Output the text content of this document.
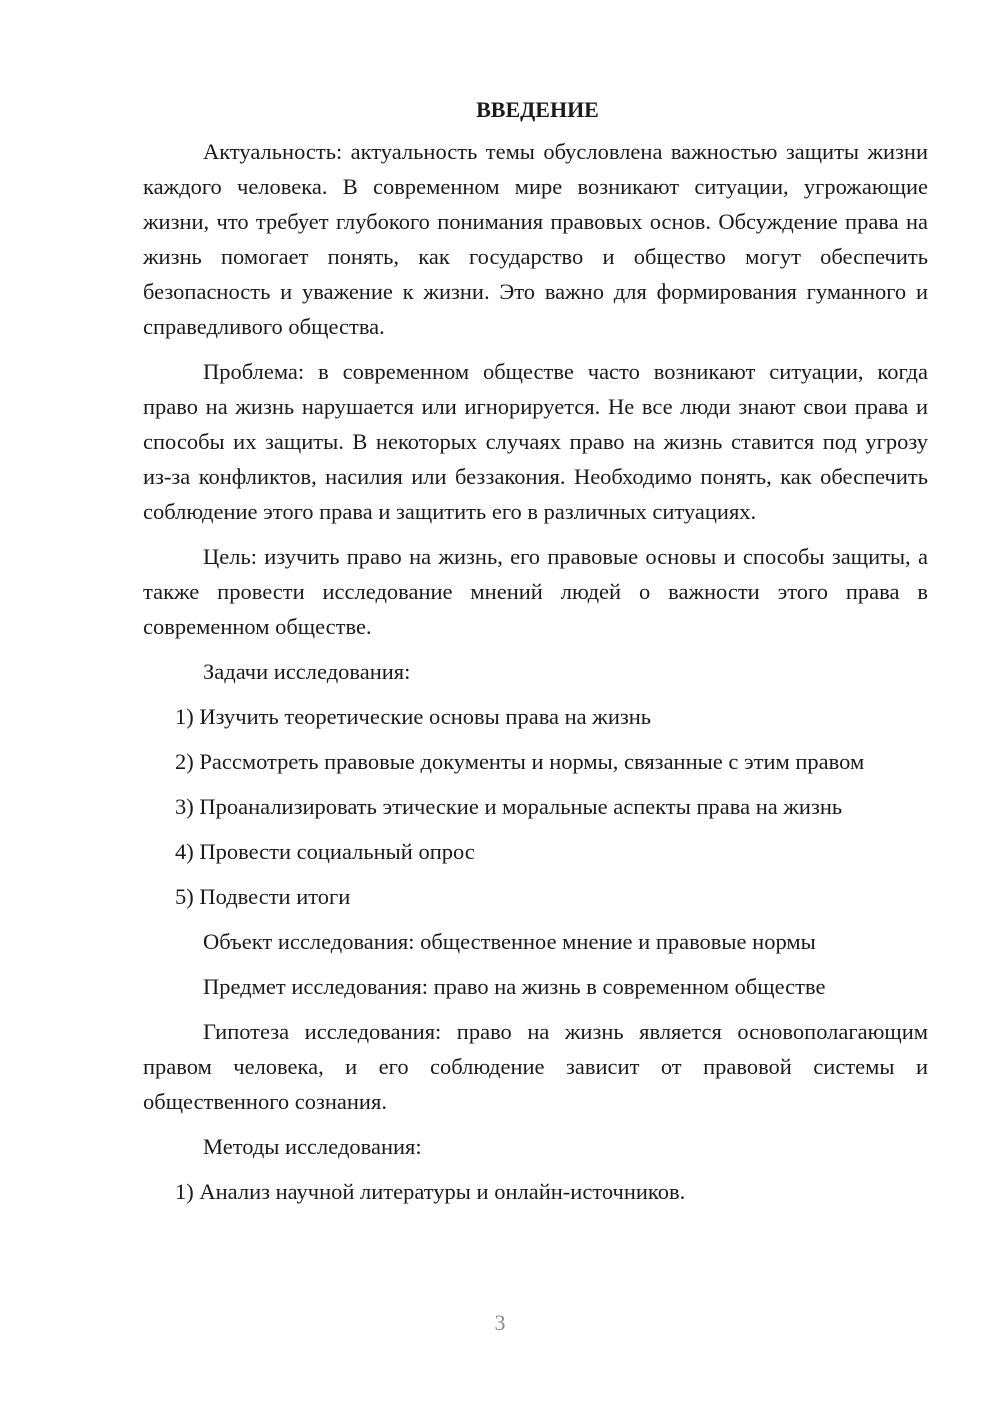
ВВЕДЕНИЕ

Актуальность: актуальность темы обусловлена важностью защиты жизни каждого человека. В современном мире возникают ситуации, угрожающие жизни, что требует глубокого понимания правовых основ. Обсуждение права на жизнь помогает понять, как государство и общество могут обеспечить безопасность и уважение к жизни. Это важно для формирования гуманного и справедливого общества.

Проблема: в современном обществе часто возникают ситуации, когда право на жизнь нарушается или игнорируется. Не все люди знают свои права и способы их защиты. В некоторых случаях право на жизнь ставится под угрозу из-за конфликтов, насилия или беззакония. Необходимо понять, как обеспечить соблюдение этого права и защитить его в различных ситуациях.

Цель: изучить право на жизнь, его правовые основы и способы защиты, а также провести исследование мнений людей о важности этого права в современном обществе.

Задачи исследования:

1) Изучить теоретические основы права на жизнь

2) Рассмотреть правовые документы и нормы, связанные с этим правом

3) Проанализировать этические и моральные аспекты права на жизнь

4) Провести социальный опрос

5) Подвести итоги

Объект исследования: общественное мнение и правовые нормы

Предмет исследования: право на жизнь в современном обществе

Гипотеза исследования: право на жизнь является основополагающим правом человека, и его соблюдение зависит от правовой системы и общественного сознания.

Методы исследования:

1) Анализ научной литературы и онлайн-источников.

3
